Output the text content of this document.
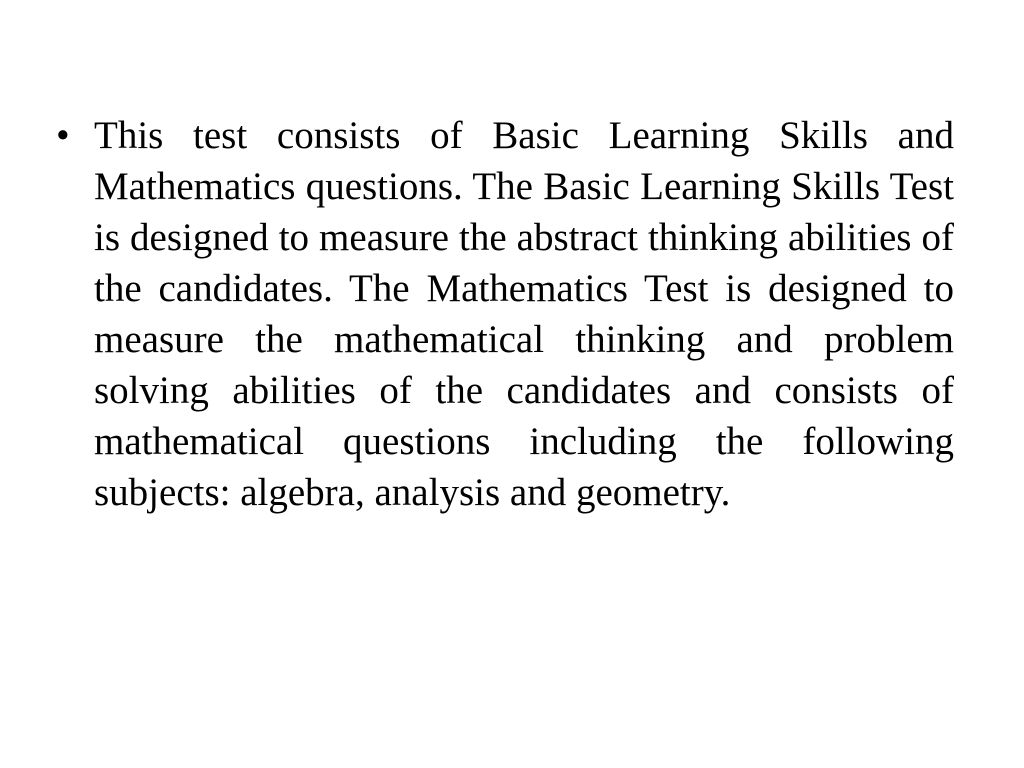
• This test consists of Basic Learning Skills and Mathematics questions. The Basic Learning Skills Test is designed to measure the abstract thinking abilities of the candidates. The Mathematics Test is designed to measure the mathematical thinking and problem solving abilities of the candidates and consists of mathematical questions including the following subjects: algebra, analysis and geometry.
